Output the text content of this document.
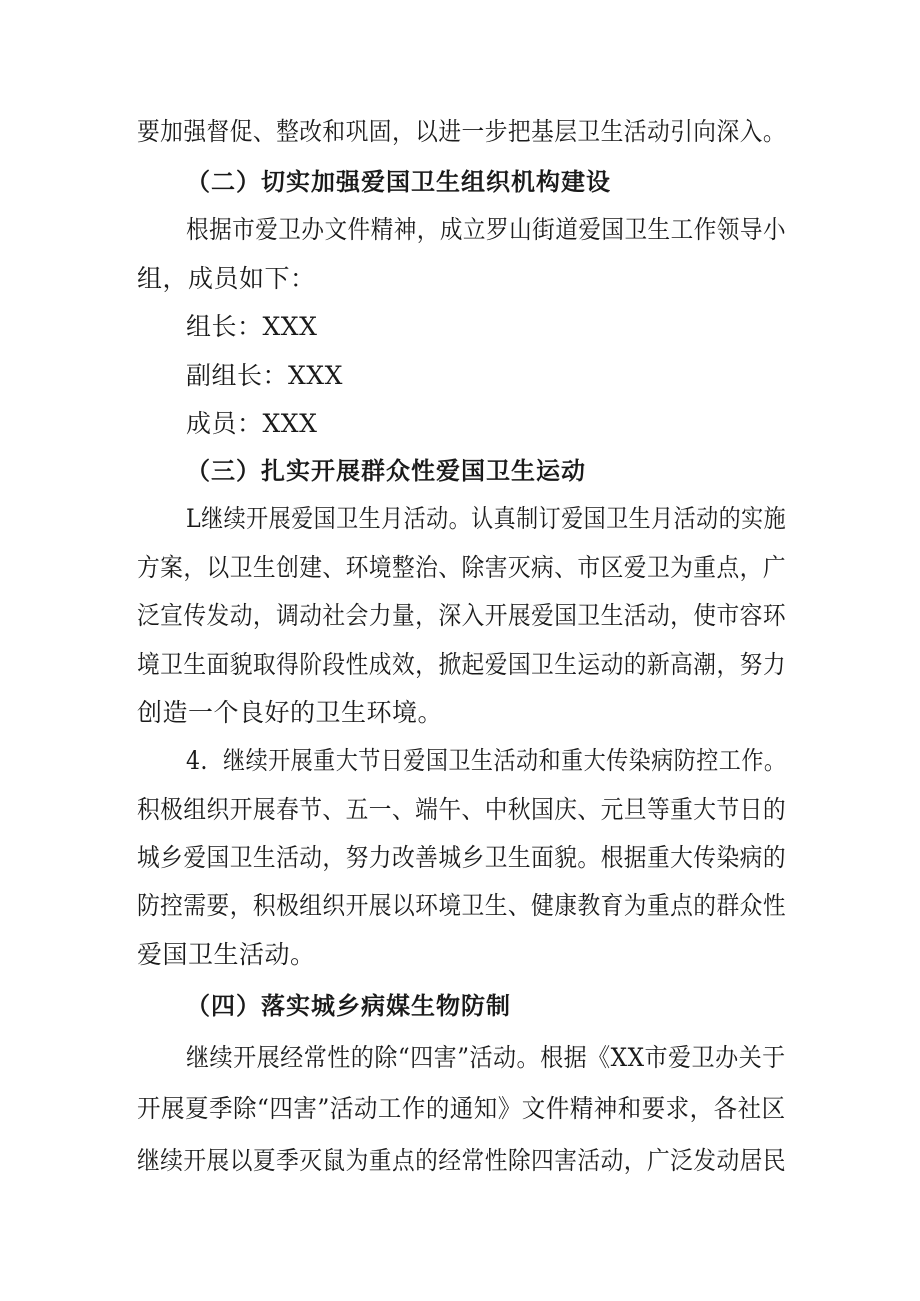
要加强督促、整改和巩固，以进一步把基层卫生活动引向深入。
（二）切实加强爱国卫生组织机构建设
根据市爱卫办文件精神，成立罗山街道爱国卫生工作领导小
组，成员如下：
组长：XXX
副组长：XXX
成员：XXX
（三）扎实开展群众性爱国卫生运动
L继续开展爱国卫生月活动。认真制订爱国卫生月活动的实施
方案，以卫生创建、环境整治、除害灭病、市区爱卫为重点，广
泛宣传发动，调动社会力量，深入开展爱国卫生活动，使市容环
境卫生面貌取得阶段性成效，掀起爱国卫生运动的新高潮，努力
创造一个良好的卫生环境。
4．继续开展重大节日爱国卫生活动和重大传染病防控工作。
积极组织开展春节、五一、端午、中秋国庆、元旦等重大节日的
城乡爱国卫生活动，努力改善城乡卫生面貌。根据重大传染病的
防控需要，积极组织开展以环境卫生、健康教育为重点的群众性
爱国卫生活动。
（四）落实城乡病媒生物防制
继续开展经常性的除“四害”活动。根据《XX市爱卫办关于
开展夏季除“四害”活动工作的通知》文件精神和要求，各社区
继续开展以夏季灭鼠为重点的经常性除四害活动，广泛发动居民
